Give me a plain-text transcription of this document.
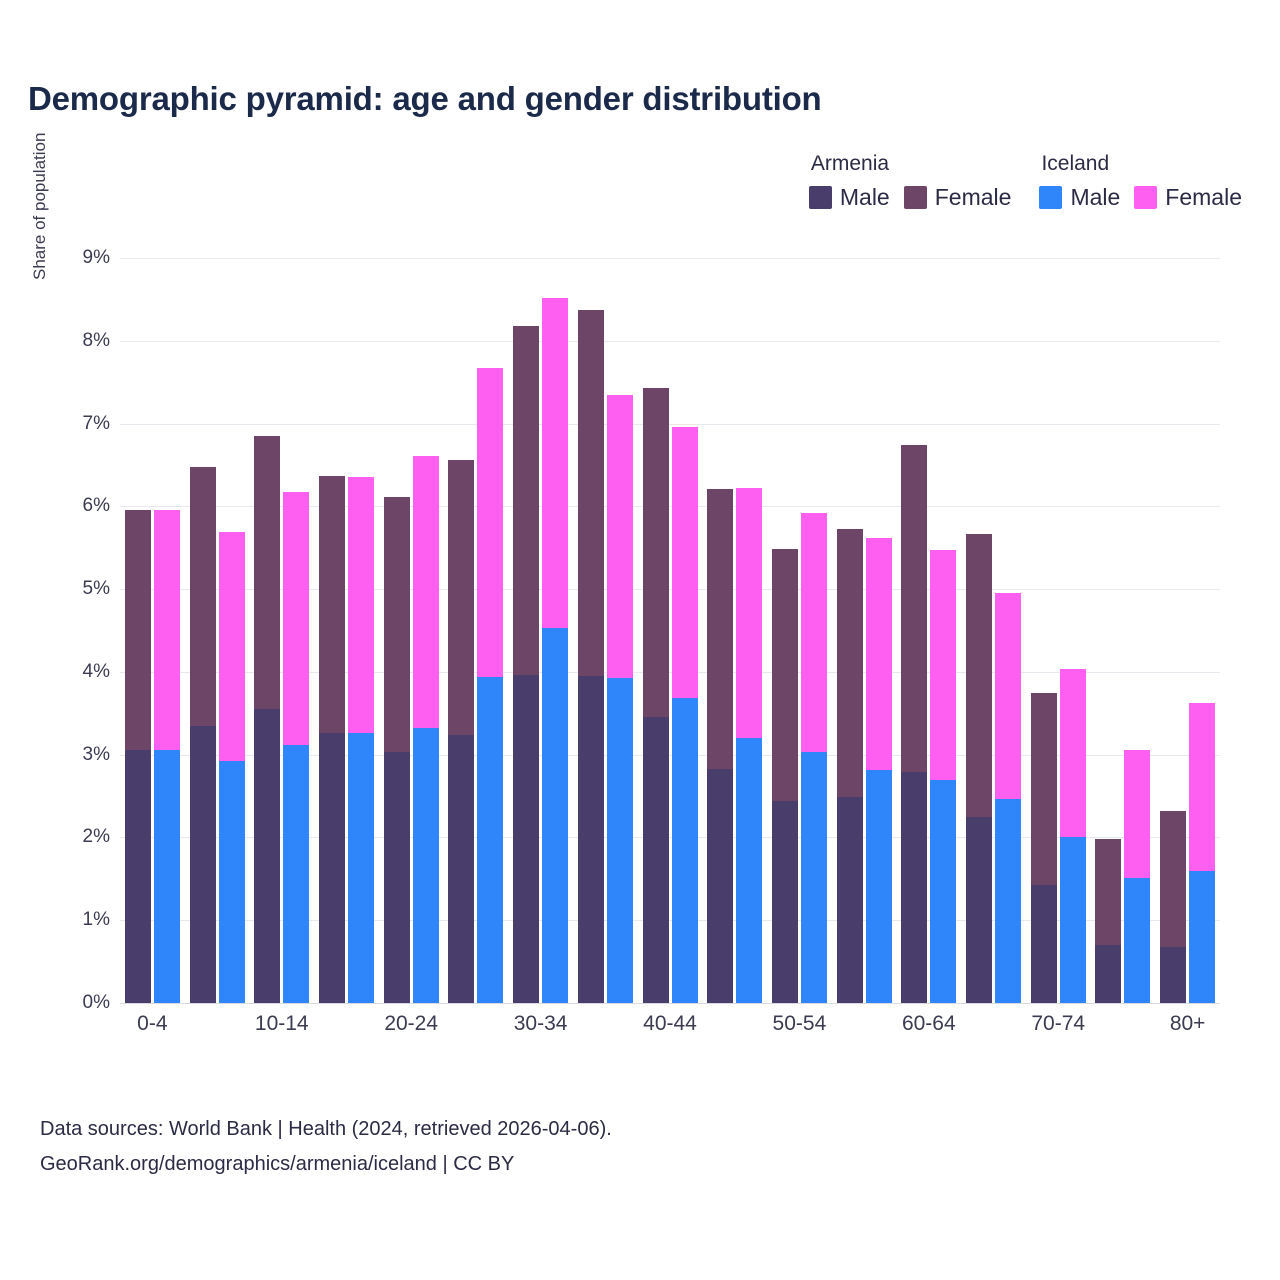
Demographic pyramid: age and gender distribution
Armenia
Male Female
Iceland
Male Female
Share of population
0%
1%
2%
3%
4%
5%
6%
7%
8%
9%
0-4	10-14	20-24	30-34	40-44	50-54	60-64	70-74	80+
Data sources: World Bank | Health (2024, retrieved 2026-04-06).
GeoRank.org/demographics/armenia/iceland | CC BY
